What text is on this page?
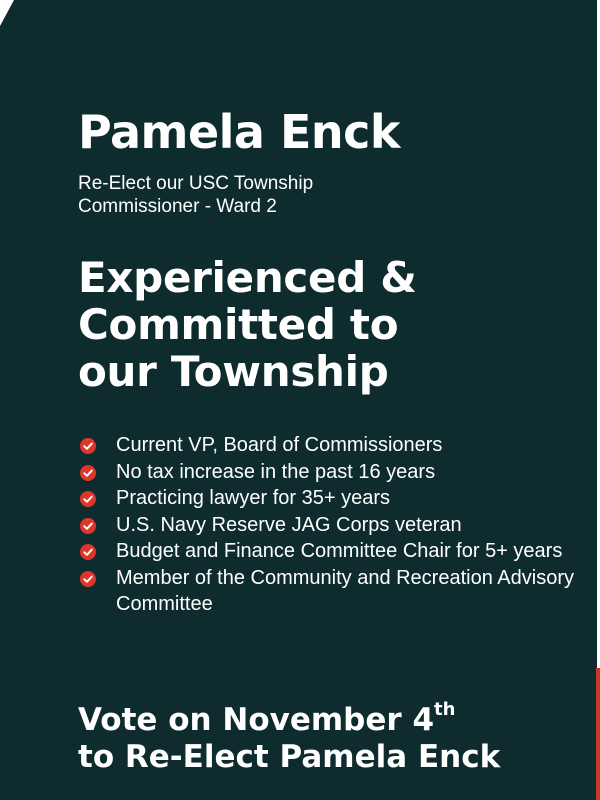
Pamela Enck

Re-Elect our USC Township
Commissioner - Ward 2

Experienced &
Committed to
our Township
Current VP, Board of Commissioners
No tax increase in the past 16 years
Practicing lawyer for 35+ years
U.S. Navy Reserve JAG Corps veteran
Budget and Finance Committee Chair for 5+ years
Member of the Community and Recreation Advisory Committee

Vote on November 4th
to Re-Elect Pamela Enck
